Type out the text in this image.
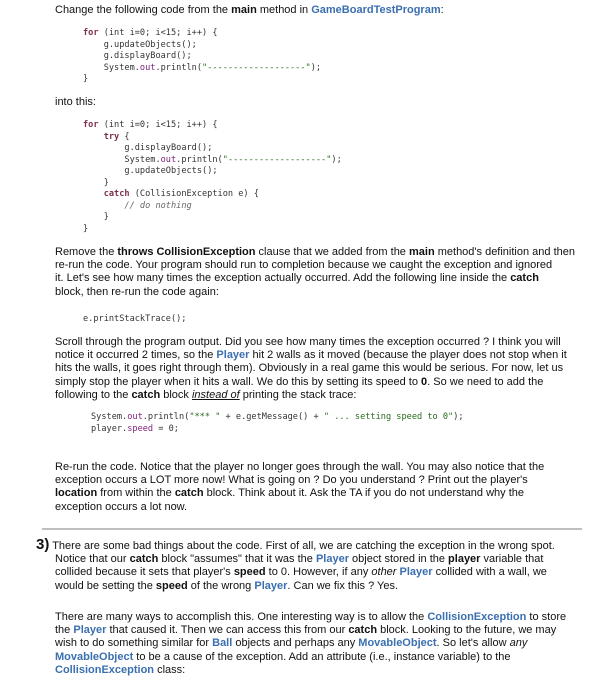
Change the following code from the main method in GameBoardTestProgram:

for (int i=0; i<15; i++) {
g.updateObjects();
g.displayBoard();
System.out.println("-------------------");
}

into this:

for (int i=0; i<15; i++) {
try {
g.displayBoard();
System.out.println("-------------------");
g.updateObjects();
}
catch (CollisionException e) {
// do nothing
}
}
Remove the throws CollisionException clause that we added from the main method's definition and then
re-run the code. Your program should run to completion because we caught the exception and ignored
it. Let's see how many times the exception actually occurred. Add the following line inside the catch
block, then re-run the code again:
e.printStackTrace();
Scroll through the program output. Did you see how many times the exception occurred ? I think you will
notice it occurred 2 times, so the Player hit 2 walls as it moved (because the player does not stop when it
hits the walls, it goes right through them). Obviously in a real game this would be serious. For now, let us
simply stop the player when it hits a wall. We do this by setting its speed to 0. So we need to add the
following to the catch block instead of printing the stack trace:
System.out.println("*** " + e.getMessage() + " ... setting speed to 0");
player.speed = 0;
Re-run the code. Notice that the player no longer goes through the wall. You may also notice that the
exception occurs a LOT more now! What is going on ? Do you understand ? Print out the player's
location from within the catch block. Think about it. Ask the TA if you do not understand why the
exception occurs a lot now.
3) There are some bad things about the code. First of all, we are catching the exception in the wrong spot.
Notice that our catch block "assumes" that it was the Player object stored in the player variable that
collided because it sets that player's speed to 0. However, if any other Player collided with a wall, we
would be setting the speed of the wrong Player. Can we fix this ? Yes.
There are many ways to accomplish this. One interesting way is to allow the CollisionException to store
the Player that caused it. Then we can access this from our catch block. Looking to the future, we may
wish to do something similar for Ball objects and perhaps any MovableObject. So let's allow any
MovableObject to be a cause of the exception. Add an attribute (i.e., instance variable) to the
CollisionException class:
